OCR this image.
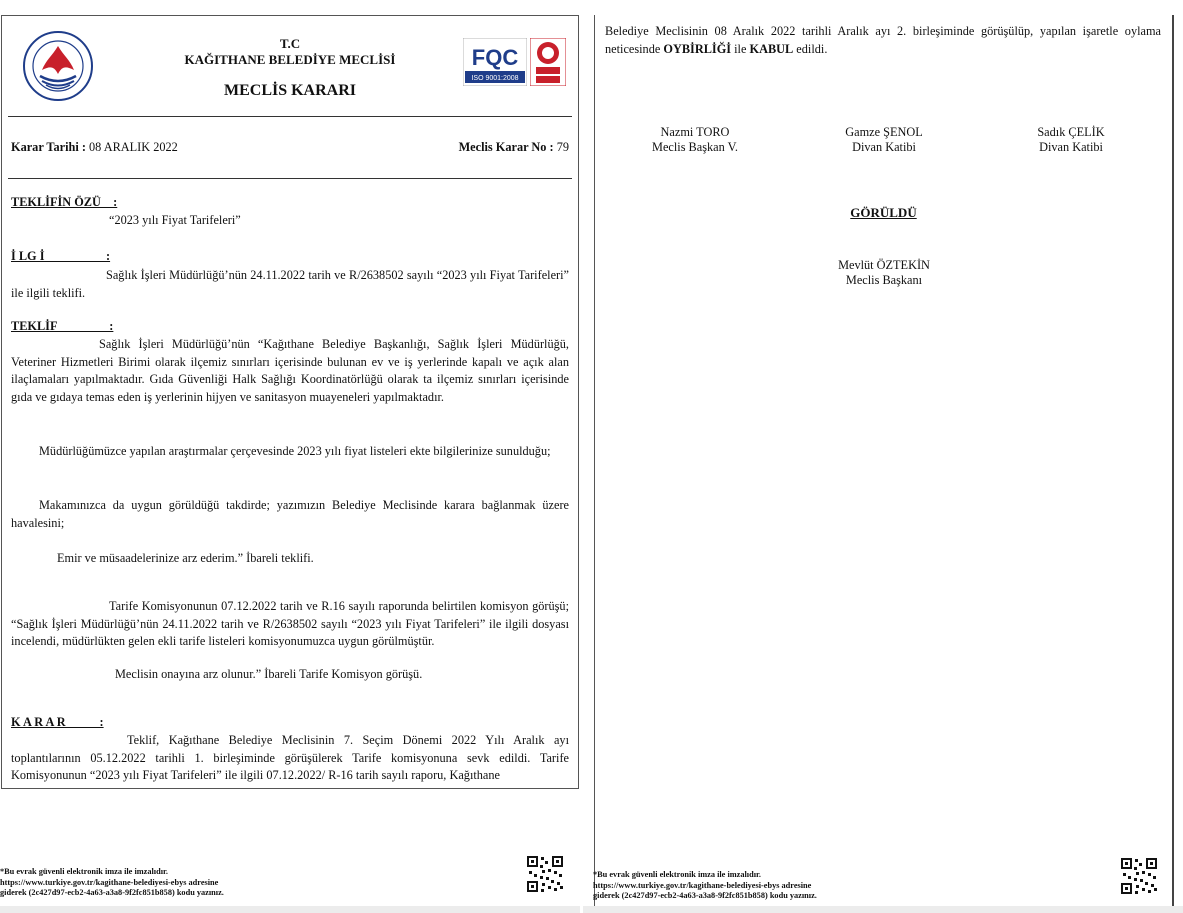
T.C
KAĞITHANE BELEDİYE MECLİSİ
MECLİS KARARI
FQC
ISO 9001:2008
Karar Tarihi : 08 ARALIK 2022	Meclis Karar No : 79
TEKLİFİN ÖZÜ    :
“2023 yılı Fiyat Tarifeleri”
İ LG İ                    :
Sağlık İşleri Müdürlüğü’nün 24.11.2022 tarih ve R/2638502 sayılı “2023 yılı Fiyat Tarifeleri” ile ilgili teklifi.
TEKLİF                 :
Sağlık İşleri Müdürlüğü’nün “Kağıthane Belediye Başkanlığı, Sağlık İşleri Müdürlüğü, Veteriner Hizmetleri Birimi olarak ilçemiz sınırları içerisinde bulunan ev ve iş yerlerinde kapalı ve açık alan ilaçlamaları yapılmaktadır. Gıda Güvenliği Halk Sağlığı Koordinatörlüğü olarak ta ilçemiz sınırları içerisinde gıda ve gıdaya temas eden iş yerlerinin hijyen ve sanitasyon muayeneleri yapılmaktadır.
Müdürlüğümüzce yapılan araştırmalar çerçevesinde 2023 yılı fiyat listeleri ekte bilgilerinize sunulduğu;
Makamınızca da uygun görüldüğü takdirde; yazımızın Belediye Meclisinde karara bağlanmak üzere havalesini;
Emir ve müsaadelerinize arz ederim.” İbareli teklifi.
Tarife Komisyonunun 07.12.2022 tarih ve R.16 sayılı raporunda belirtilen komisyon görüşü; “Sağlık İşleri Müdürlüğü’nün 24.11.2022 tarih ve R/2638502 sayılı “2023 yılı Fiyat Tarifeleri” ile ilgili dosyası incelendi, müdürlükten gelen ekli tarife listeleri komisyonumuzca uygun görülmüştür.
Meclisin onayına arz olunur.” İbareli Tarife Komisyon görüşü.
K A R A R           :
Teklif, Kağıthane Belediye Meclisinin 7. Seçim Dönemi 2022 Yılı Aralık ayı toplantılarının 05.12.2022 tarihli 1. birleşiminde görüşülerek Tarife komisyonuna sevk edildi. Tarife Komisyonunun “2023 yılı Fiyat Tarifeleri” ile ilgili 07.12.2022/ R-16 tarih sayılı raporu, Kağıthane
*Bu evrak güvenli elektronik imza ile imzalıdır.
https://www.turkiye.gov.tr/kagithane-belediyesi-ebys adresine
giderek (2c427d97-ecb2-4a63-a3a8-9f2fc851b858) kodu yazınız.
Belediye Meclisinin 08 Aralık 2022 tarihli Aralık ayı 2. birleşiminde görüşülüp, yapılan işaretle oylama neticesinde OYBİRLİĞİ ile KABUL edildi.
Nazmi TORO
Meclis Başkan V.
Gamze ŞENOL
Divan Katibi
Sadık ÇELİK
Divan Katibi
GÖRÜLDÜ
Mevlüt ÖZTEKİN
Meclis Başkanı
*Bu evrak güvenli elektronik imza ile imzalıdır.
https://www.turkiye.gov.tr/kagithane-belediyesi-ebys adresine
giderek (2c427d97-ecb2-4a63-a3a8-9f2fc851b858) kodu yazınız.
